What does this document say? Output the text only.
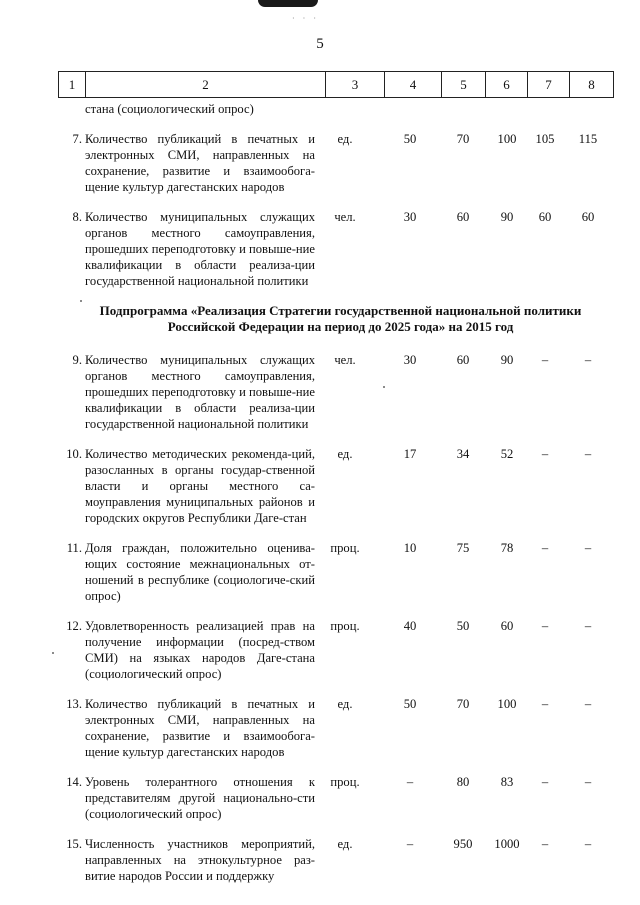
· · ·
5
1	2	3	4	5	6	7	8
стана (социологический опрос)
7. Количество публикаций в печатных и электронных СМИ, направленных на сохранение, развитие и взаимообога-щение культур дагестанских народов
ед.	50	70	100	105	115
8. Количество муниципальных служащих органов местного самоуправления, прошедших переподготовку и повыше-ние квалификации в области реализа-ции государственной национальной политики
чел.	30	60	90	60	60
Подпрограмма «Реализация Стратегии государственной национальной политики Российской Федерации на период до 2025 года» на 2015 год
9. Количество муниципальных служащих органов местного самоуправления, прошедших переподготовку и повыше-ние квалификации в области реализа-ции государственной национальной политики
чел.	30	60	90	–	–
10. Количество методических рекоменда-ций, разосланных в органы государ-ственной власти и органы местного са-моуправления муниципальных районов и городских округов Республики Даге-стан
ед.	17	34	52	–	–
11. Доля граждан, положительно оценива-ющих состояние межнациональных от-ношений в республике (социологиче-ский опрос)
проц.	10	75	78	–	–
12. Удовлетворенность реализацией прав на получение информации (посред-ством СМИ) на языках народов Даге-стана (социологический опрос)
проц.	40	50	60	–	–
13. Количество публикаций в печатных и электронных СМИ, направленных на сохранение, развитие и взаимообога-щение культур дагестанских народов
ед.	50	70	100	–	–
14. Уровень толерантного отношения к представителям другой национально-сти (социологический опрос)
проц.	–	80	83	–	–
15. Численность участников мероприятий, направленных на этнокультурное раз-витие народов России и поддержку
ед.	–	950	1000	–	–
